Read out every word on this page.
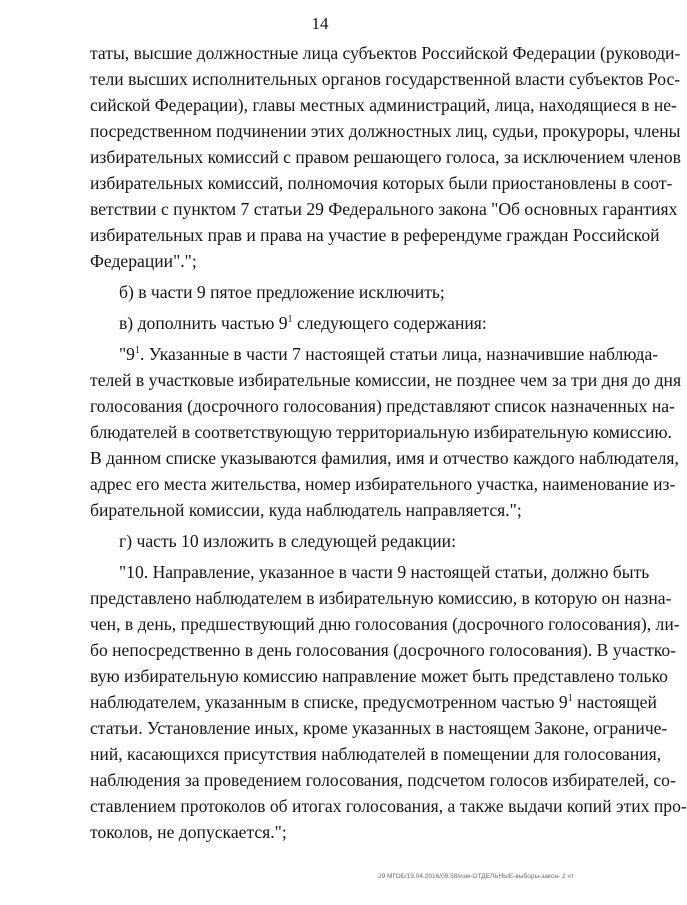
14
таты, высшие должностные лица субъектов Российской Федерации (руководи-
тели высших исполнительных органов государственной власти субъектов Рос-
сийской Федерации), главы местных администраций, лица, находящиеся в не-
посредственном подчинении этих должностных лиц, судьи, прокуроры, члены
избирательных комиссий с правом решающего голоса, за исключением членов
избирательных комиссий, полномочия которых были приостановлены в соот-
ветствии с пунктом 7 статьи 29 Федерального закона "Об основных гарантиях
избирательных прав и права на участие в референдуме граждан Российской
Федерации".";
б) в части 9 пятое предложение исключить;
в) дополнить частью $9^1$ следующего содержания:
"$9^1$. Указанные в части 7 настоящей статьи лица, назначившие наблюда-
телей в участковые избирательные комиссии, не позднее чем за три дня до дня
голосования (досрочного голосования) представляют список назначенных на-
блюдателей в соответствующую территориальную избирательную комиссию.
В данном списке указываются фамилия, имя и отчество каждого наблюдателя,
адрес его места жительства, номер избирательного участка, наименование из-
бирательной комиссии, куда наблюдатель направляется.";
г) часть 10 изложить в следующей редакции:
"10. Направление, указанное в части 9 настоящей статьи, должно быть
представлено наблюдателем в избирательную комиссию, в которую он назна-
чен, в день, предшествующий дню голосования (досрочного голосования), ли-
бо непосредственно в день голосования (досрочного голосования). В участко-
вую избирательную комиссию направление может быть представлено только
наблюдателем, указанным в списке, предусмотренном частью $9^1$ настоящей
статьи. Установление иных, кроме указанных в настоящем Законе, ограниче-
ний, касающихся присутствия наблюдателей в помещении для голосования,
наблюдения за проведением голосования, подсчетом голосов избирателей, со-
ставлением протоколов об итогах голосования, а также выдачи копий этих про-
токолов, не допускается.";
29 МГОБ/19.04.2016/09.58/изм-ОТДЕЛЬНЫЕ-выборы-закон- 2 чт
